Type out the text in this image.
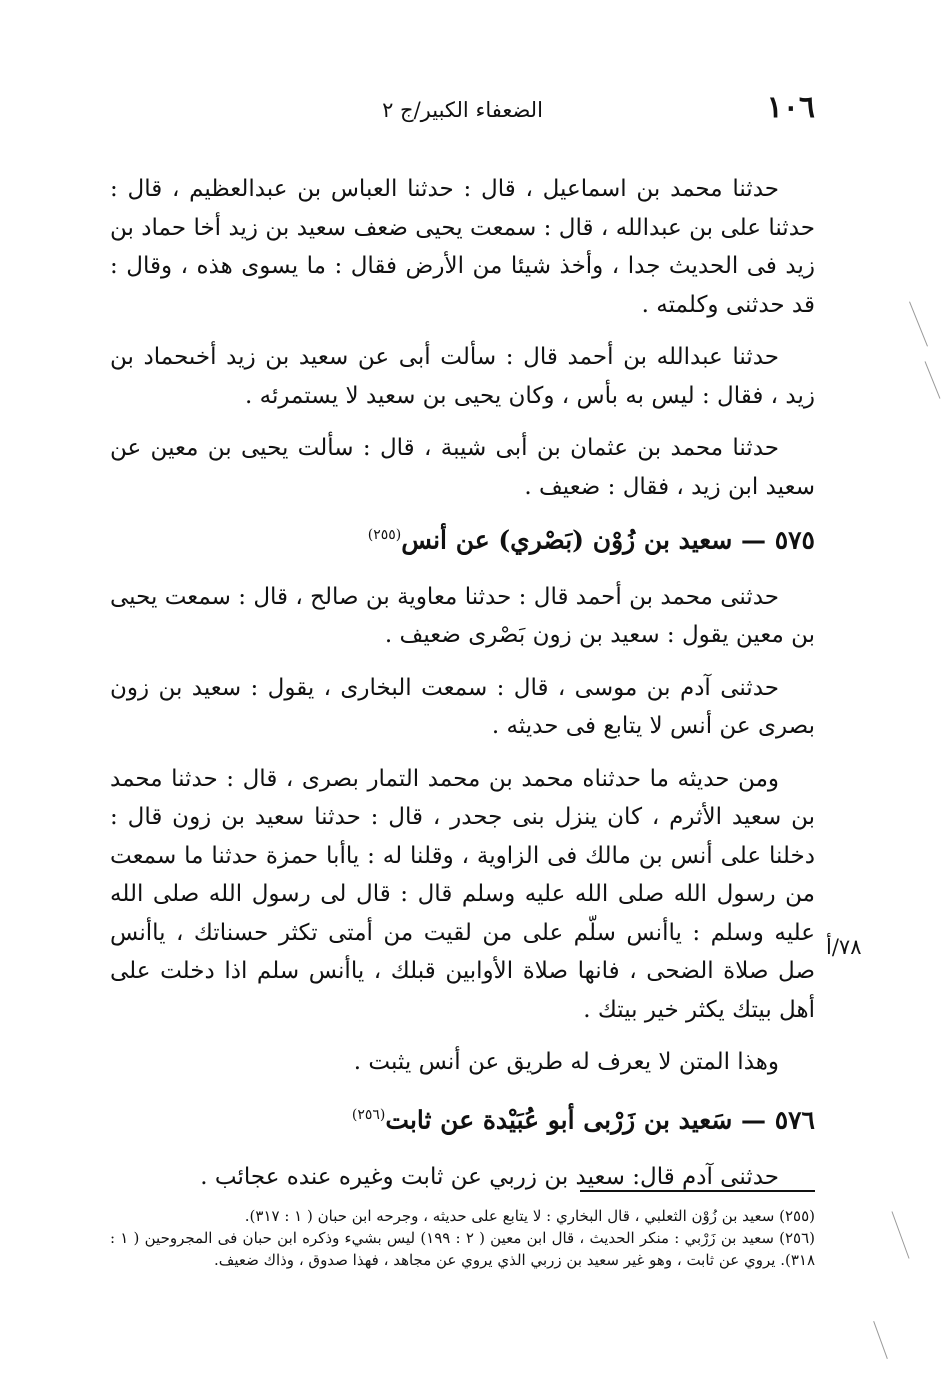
١٠٦
الضعفاء الكبير/ج ٢

حدثنا محمد بن اسماعيل ، قال : حدثنا العباس بن عبدالعظيم ، قال : حدثنا على بن عبدالله ، قال : سمعت يحيى ضعف سعيد بن زيد أخا حماد بن زيد فى الحديث جدا ، وأخذ شيئا من الأرض فقال : ما يسوى هذه ، وقال : قد حدثنى وكلمته .

حدثنا عبدالله بن أحمد قال : سألت أبى عن سعيد بن زيد أخىحماد بن زيد ، فقال : ليس به بأس ، وكان يحيى بن سعيد لا يستمرئه .

حدثنا محمد بن عثمان بن أبى شيبة ، قال : سألت يحيى بن معين عن سعيد ابن زيد ، فقال : ضعيف .

٥٧٥ — سعيد بن زُوْن (بَصْري) عن أنس$^{(٢٥٥)}$

حدثنى محمد بن أحمد قال : حدثنا معاوية بن صالح ، قال : سمعت يحيى بن معين يقول : سعيد بن زون بَصْرى ضعيف .

حدثنى آدم بن موسى ، قال : سمعت البخارى ، يقول : سعيد بن زون بصرى عن أنس لا يتابع فى حديثه .

ومن حديثه ما حدثناه محمد بن محمد التمار بصرى ، قال : حدثنا محمد بن سعيد الأثرم ، كان ينزل بنى جحدر ، قال : حدثنا سعيد بن زون قال : دخلنا على أنس بن مالك فى الزاوية ، وقلنا له : ياأبا حمزة حدثنا ما سمعت من رسول الله صلى الله عليه وسلم قال : قال لى رسول الله صلى الله عليه وسلم : ياأنس سلّم على من لقيت من أمتى تكثر حسناتك ، ياأنس صل صلاة الضحى ، فانها صلاة الأوابين قبلك ، ياأنس سلم اذا دخلت على أهل بيتك يكثر خير بيتك .

وهذا المتن لا يعرف له طريق عن أنس يثبت .

٥٧٦ — سَعيد بن زَرْبى أبو عُبَيْدة عن ثابت$^{(٢٥٦)}$

حدثنى آدم قال: سعيد بن زربي عن ثابت وغيره عنده عجائب .

٧٨/أ

(٢٥٥) سعيد بن زُوْن الثعلبي ، قال البخاري : لا يتابع على حديثه ، وجرحه ابن حبان ( ١ : ٣١٧).

(٢٥٦) سعيد بن زَرْبي : منكر الحديث ، قال ابن معين ( ٢ : ١٩٩) ليس بشيء وذكره ابن حبان فى المجروحين ( ١ : ٣١٨). يروي عن ثابت ، وهو غير سعيد بن زربي الذي يروي عن مجاهد ، فهذا صدوق ، وذاك ضعيف.
